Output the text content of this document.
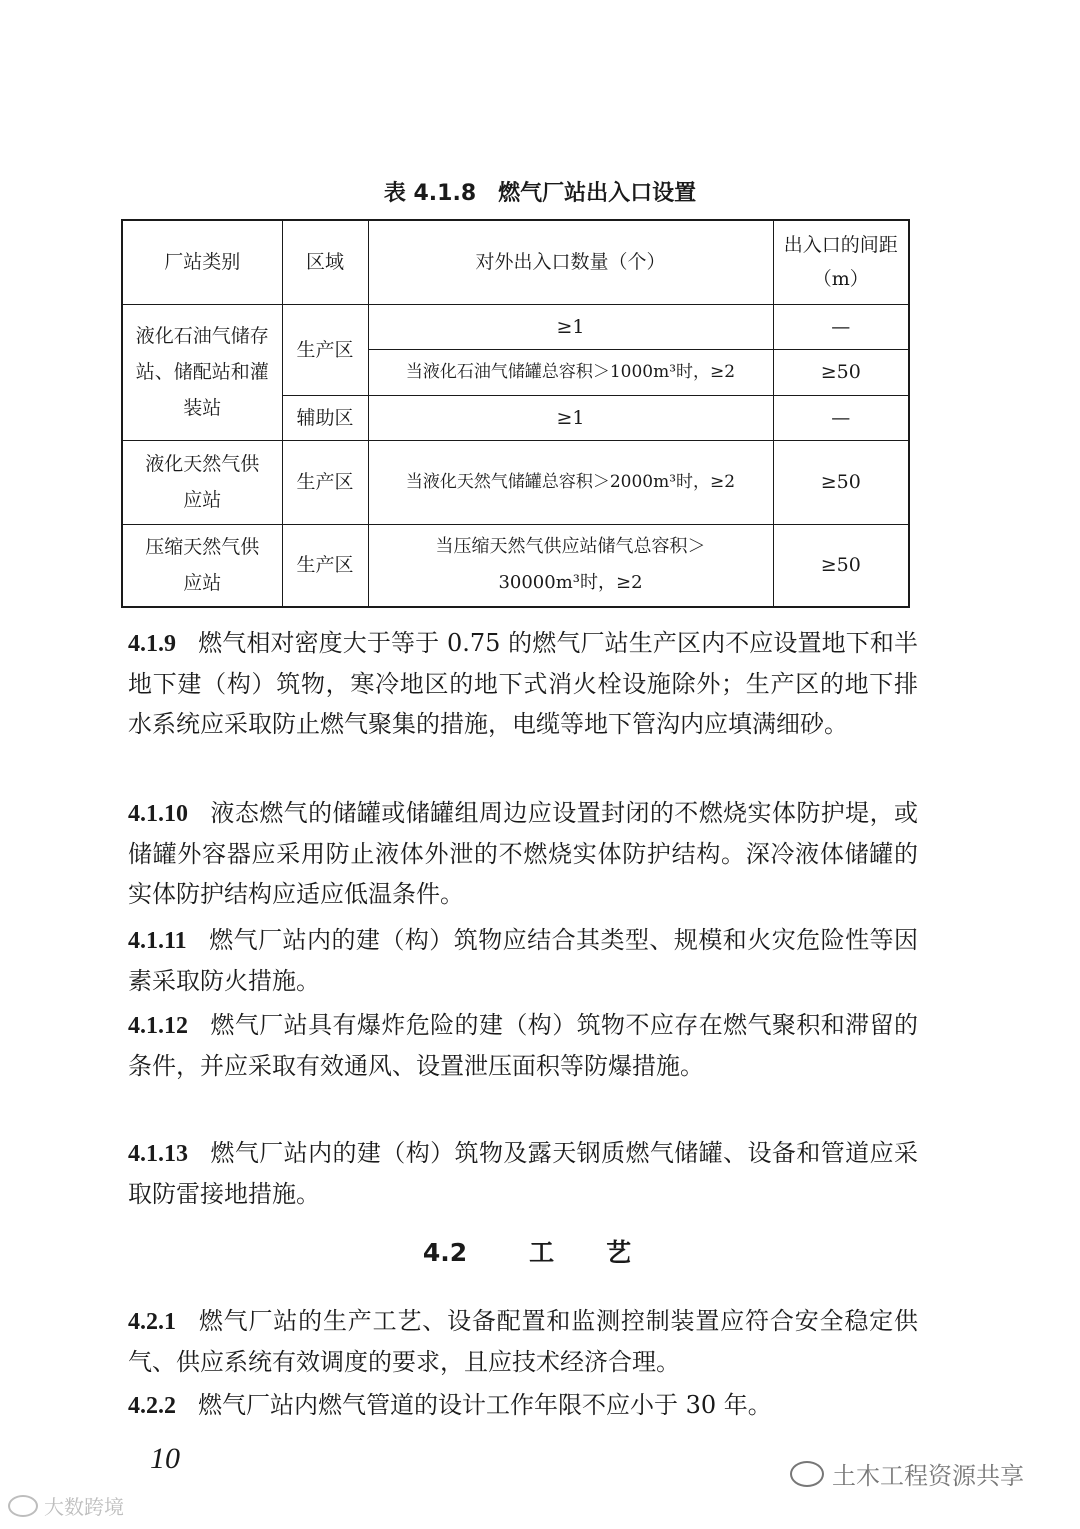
表 4.1.8　燃气厂站出入口设置
厂站类别	区域	对外出入口数量（个）	出入口的间距
（m）

液化石油气储存站、储配站和灌装站	生产区	≥1	—
		当液化石油气储罐总容积＞1000m³时，≥2	≥50
	辅助区	≥1	—
液化天然气供应站	生产区	当液化天然气储罐总容积＞2000m³时，≥2	≥50
压缩天然气供应站	生产区	当压缩天然气供应站储气总容积＞30000m³时，≥2	≥50
4.1.9 燃气相对密度大于等于 0.75 的燃气厂站生产区内不应设置地下和半地下建（构）筑物，寒冷地区的地下式消火栓设施除外；生产区的地下排水系统应采取防止燃气聚集的措施，电缆等地下管沟内应填满细砂。
4.1.10 液态燃气的储罐或储罐组周边应设置封闭的不燃烧实体防护堤，或储罐外容器应采用防止液体外泄的不燃烧实体防护结构。深冷液体储罐的实体防护结构应适应低温条件。
4.1.11 燃气厂站内的建（构）筑物应结合其类型、规模和火灾危险性等因素采取防火措施。
4.1.12 燃气厂站具有爆炸危险的建（构）筑物不应存在燃气聚积和滞留的条件，并应采取有效通风、设置泄压面积等防爆措施。
4.1.13 燃气厂站内的建（构）筑物及露天钢质燃气储罐、设备和管道应采取防雷接地措施。
4.2 工 艺
4.2.1 燃气厂站的生产工艺、设备配置和监测控制装置应符合安全稳定供气、供应系统有效调度的要求，且应技术经济合理。
4.2.2 燃气厂站内燃气管道的设计工作年限不应小于 30 年。
10
土木工程资源共享
大数跨境
